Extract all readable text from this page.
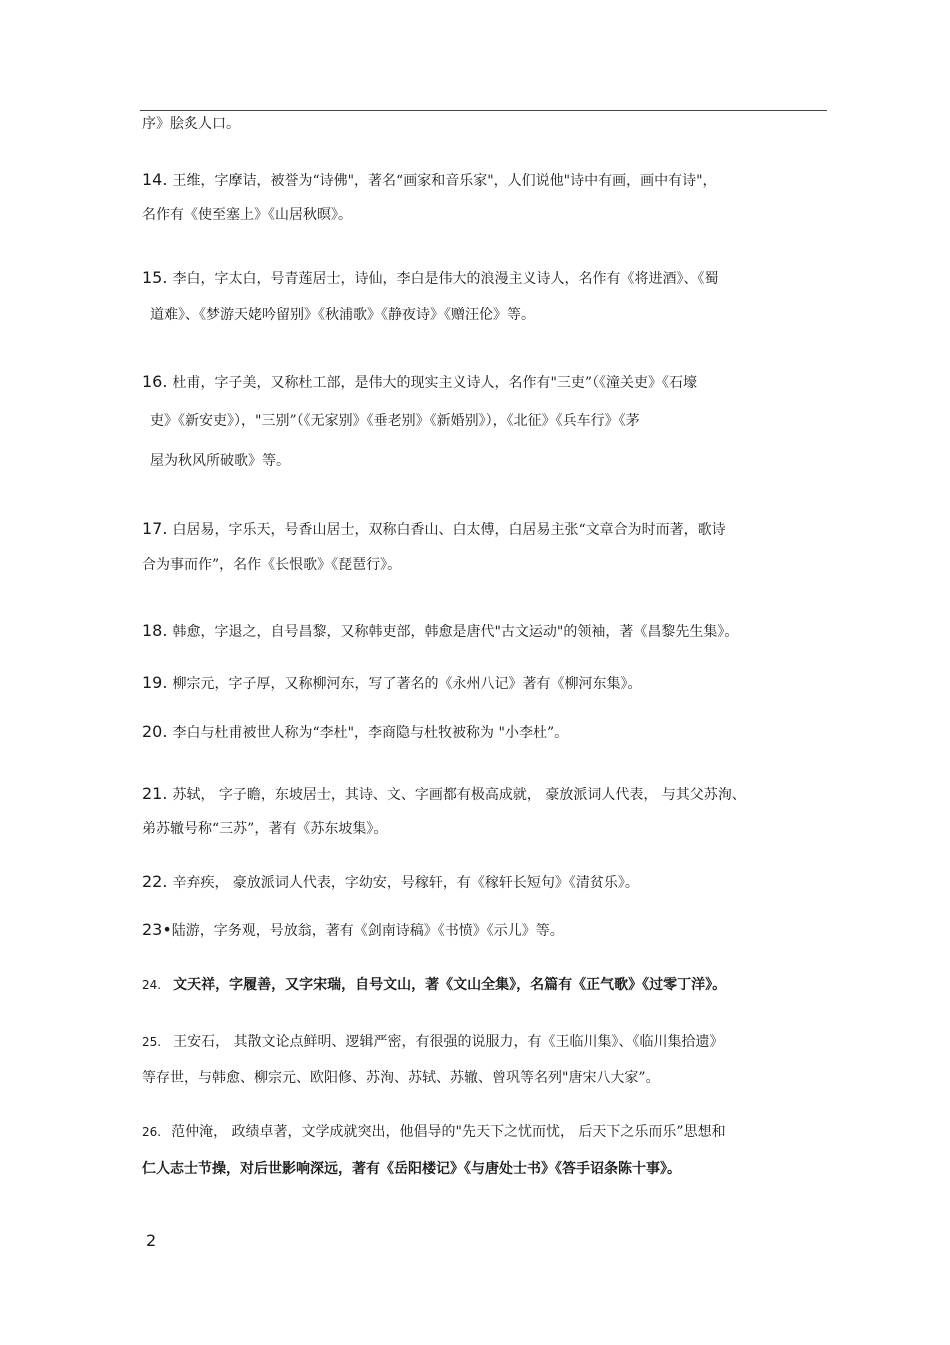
序》脍炙人口。
14. 王维，字摩诘，被誉为“诗佛"，著名“画家和音乐家"，人们说他"诗中有画，画中有诗"，
名作有《使至塞上》《山居秋暝》。
15. 李白，字太白，号青莲居士，诗仙，李白是伟大的浪漫主义诗人，名作有《将进酒》、《蜀
道难》、《梦游天姥吟留别》《秋浦歌》《静夜诗》《赠汪伦》等。
16. 杜甫，字子美，又称杜工部，是伟大的现实主义诗人，名作有"三吏”（《潼关吏》《石壕
吏》《新安吏》），"三别”（《无家别》《垂老别》《新婚别》），《北征》《兵车行》《茅
屋为秋风所破歌》等。
17. 白居易，字乐天，号香山居士，双称白香山、白太傅，白居易主张“文章合为时而著，歌诗
合为事而作”，名作《长恨歌》《琵琶行》。
18. 韩愈，字退之，自号昌黎，又称韩吏部，韩愈是唐代"古文运动"的领袖，著《昌黎先生集》。
19. 柳宗元，字子厚，又称柳河东，写了著名的《永州八记》著有《柳河东集》。
20. 李白与杜甫被世人称为“李杜"，李商隐与杜牧被称为 "小李杜”。
21. 苏轼， 字子瞻，东坡居士，其诗、文、字画都有极高成就， 豪放派词人代表， 与其父苏洵、
弟苏辙号称“三苏”，著有《苏东坡集》。
22. 辛弃疾， 豪放派词人代表，字幼安，号稼轩，有《稼轩长短句》《清贫乐》。
23•陆游，字务观，号放翁，著有《剑南诗稿》《书愤》《示儿》等。
24. 文天祥，字履善，又字宋瑞，自号文山，著《文山全集》，名篇有《正气歌》《过零丁洋》。
25. 王安石， 其散文论点鲜明、逻辑严密，有很强的说服力，有《王临川集》、《临川集拾遗》
等存世，与韩愈、柳宗元、欧阳修、苏洵、苏轼、苏辙、曾巩等名列"唐宋八大家”。
26. 范仲淹， 政绩卓著，文学成就突出，他倡导的"先天下之忧而忧， 后天下之乐而乐”思想和
仁人志士节操，对后世影响深远，著有《岳阳楼记》《与唐处士书》《答手诏条陈十事》。
2
